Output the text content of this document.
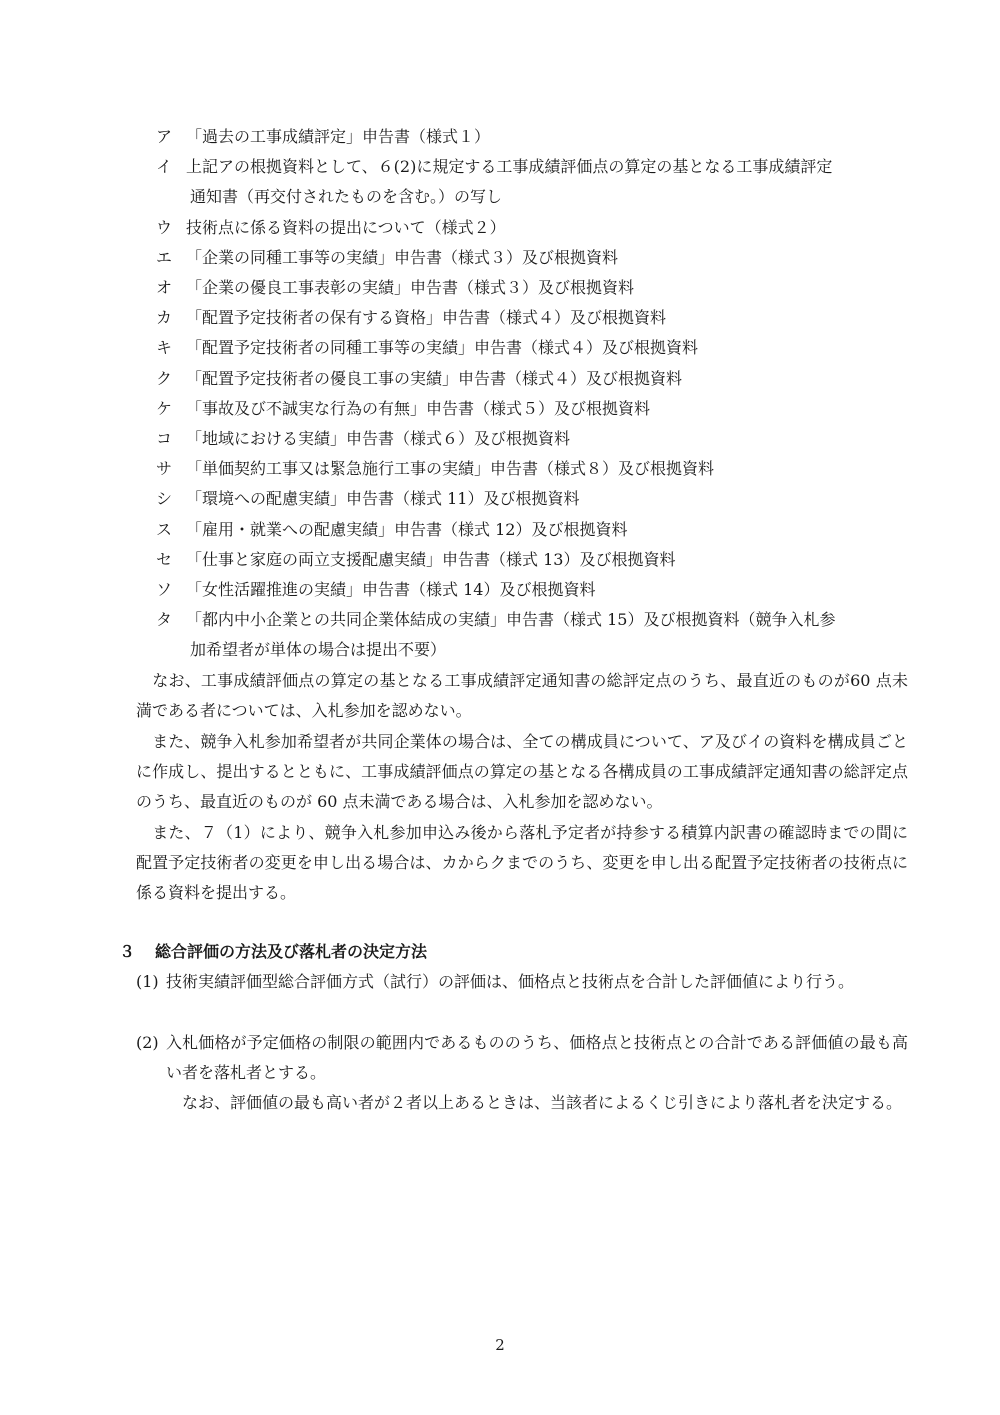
ア 「過去の工事成績評定」申告書（様式１）
イ 上記アの根拠資料として、６(2)に規定する工事成績評価点の算定の基となる工事成績評定
通知書（再交付されたものを含む。）の写し
ウ 技術点に係る資料の提出について（様式２）
エ 「企業の同種工事等の実績」申告書（様式３）及び根拠資料
オ 「企業の優良工事表彰の実績」申告書（様式３）及び根拠資料
カ 「配置予定技術者の保有する資格」申告書（様式４）及び根拠資料
キ 「配置予定技術者の同種工事等の実績」申告書（様式４）及び根拠資料
ク 「配置予定技術者の優良工事の実績」申告書（様式４）及び根拠資料
ケ 「事故及び不誠実な行為の有無」申告書（様式５）及び根拠資料
コ 「地域における実績」申告書（様式６）及び根拠資料
サ 「単価契約工事又は緊急施行工事の実績」申告書（様式８）及び根拠資料
シ 「環境への配慮実績」申告書（様式 11）及び根拠資料
ス 「雇用・就業への配慮実績」申告書（様式 12）及び根拠資料
セ 「仕事と家庭の両立支援配慮実績」申告書（様式 13）及び根拠資料
ソ 「女性活躍推進の実績」申告書（様式 14）及び根拠資料
タ 「都内中小企業との共同企業体結成の実績」申告書（様式 15）及び根拠資料（競争入札参
加希望者が単体の場合は提出不要）

　なお、工事成績評価点の算定の基となる工事成績評定通知書の総評定点のうち、最直近のものが60 点未満である者については、入札参加を認めない。

　また、競争入札参加希望者が共同企業体の場合は、全ての構成員について、ア及びイの資料を構成員ごとに作成し、提出するとともに、工事成績評価点の算定の基となる各構成員の工事成績評定通知書の総評定点のうち、最直近のものが 60 点未満である場合は、入札参加を認めない。

　また、７（1）により、競争入札参加申込み後から落札予定者が持参する積算内訳書の確認時までの間に配置予定技術者の変更を申し出る場合は、カからクまでのうち、変更を申し出る配置予定技術者の技術点に係る資料を提出する。

３ 総合評価の方法及び落札者の決定方法
(1) 技術実績評価型総合評価方式（試行）の評価は、価格点と技術点を合計した評価値により行う。
(2) 入札価格が予定価格の制限の範囲内であるもののうち、価格点と技術点との合計である評価値の最も高い者を落札者とする。
　なお、評価値の最も高い者が２者以上あるときは、当該者によるくじ引きにより落札者を決定する。
2
